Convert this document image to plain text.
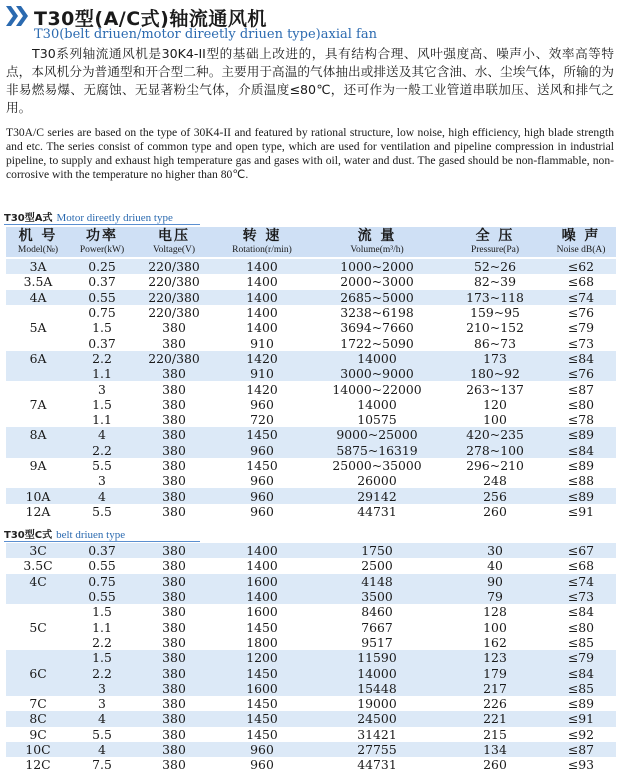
T30型(A/C式)轴流通风机
T30(belt driuen/motor direetly driuen type)axial fan
T30系列轴流通风机是30K4-II型的基础上改进的，具有结构合理、风叶强度高、噪声小、效率高等特点，本风机分为普通型和开合型二种。主要用于高温的气体抽出或排送及其它含油、水、尘埃气体，所输的为非易燃易爆、无腐蚀、无显著粉尘气体，介质温度≤80℃，还可作为一般工业管道串联加压、送风和排气之用。
T30A/C series are based on the type of 30K4-II and featured by rational structure, low noise, high efficiency, high blade strength and etc. The series consist of common type and open type, which are used for ventilation and pipeline compression in industrial pipeline, to supply and exhaust high temperature gas and gases with oil, water and dust. The gased should be non-flammable, non-corrosive with the temperature no higher than 80℃.
T30型A式 Motor direetly driuen type
机 号
Model(№)
功率
Power(kW)
电压
Voltage(V)
转 速
Rotation(r/min)
流 量
Volume(m³/h)
全 压
Pressure(Pa)
噪 声
Noise dB(A)
3A	0.25	220/380	1400	1000~2000	52~26	≤62
3.5A	0.37	220/380	1400	2000~3000	82~39	≤68
4A	0.55	220/380	1400	2685~5000	173~118	≤74
	0.75	220/380	1400	3238~6198	159~95	≤76
5A	1.5	380	1400	3694~7660	210~152	≤79
	0.37	380	910	1722~5090	86~73	≤73
6A	2.2	220/380	1420	14000	173	≤84
	1.1	380	910	3000~9000	180~92	≤76
	3	380	1420	14000~22000	263~137	≤87
7A	1.5	380	960	14000	120	≤80
	1.1	380	720	10575	100	≤78
8A	4	380	1450	9000~25000	420~235	≤89
	2.2	380	960	5875~16319	278~100	≤84
9A	5.5	380	1450	25000~35000	296~210	≤89
	3	380	960	26000	248	≤88
10A	4	380	960	29142	256	≤89
12A	5.5	380	960	44731	260	≤91
T30型C式 belt driuen type
3C	0.37	380	1400	1750	30	≤67
3.5C	0.55	380	1400	2500	40	≤68
4C	0.75	380	1600	4148	90	≤74
	0.55	380	1400	3500	79	≤73
	1.5	380	1600	8460	128	≤84
5C	1.1	380	1450	7667	100	≤80
	2.2	380	1800	9517	162	≤85
	1.5	380	1200	11590	123	≤79
6C	2.2	380	1450	14000	179	≤84
	3	380	1600	15448	217	≤85
7C	3	380	1450	19000	226	≤89
8C	4	380	1450	24500	221	≤91
9C	5.5	380	1450	31421	215	≤92
10C	4	380	960	27755	134	≤87
12C	7.5	380	960	44731	260	≤93
